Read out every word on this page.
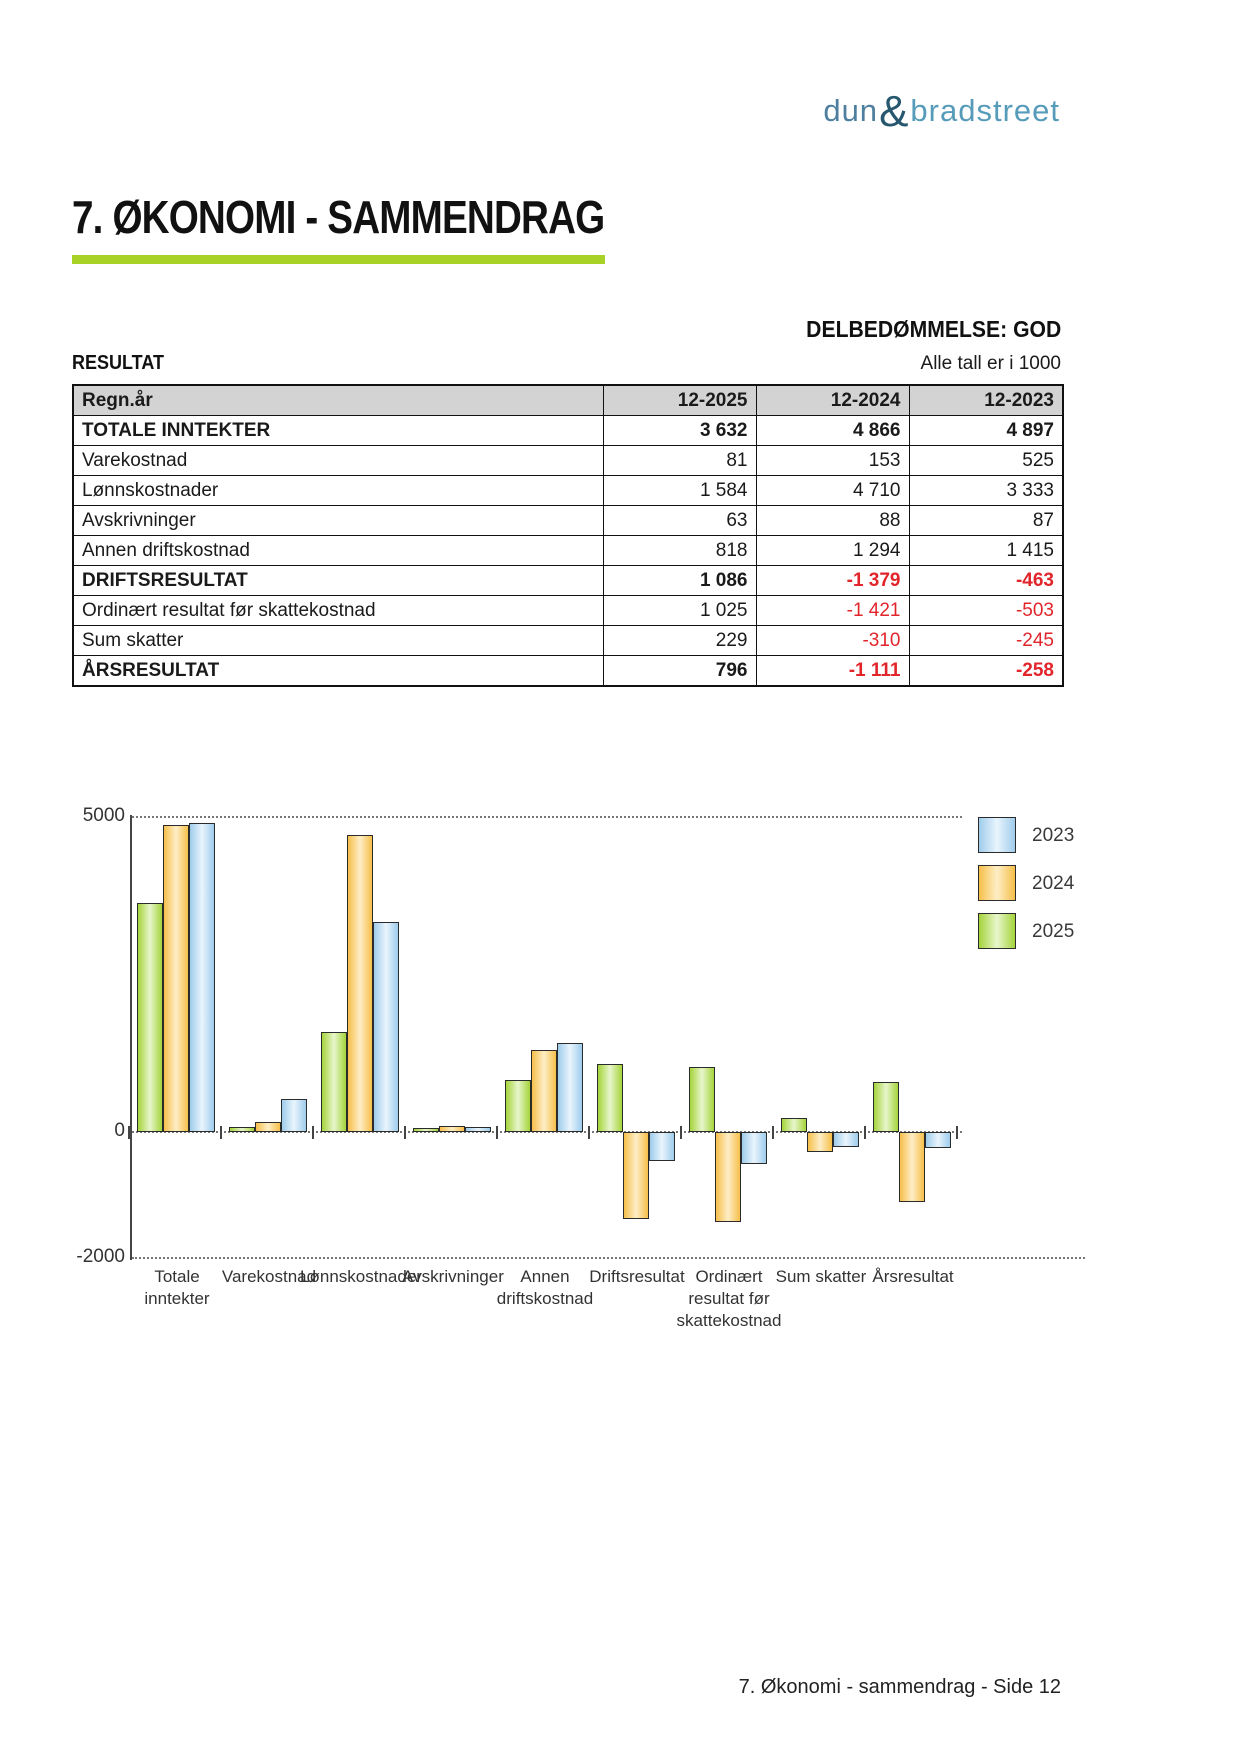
dun&bradstreet
7. ØKONOMI - SAMMENDRAG
DELBEDØMMELSE: GOD
RESULTAT	Alle tall er i 1000
Regn.år	12-2025	12-2024	12-2023
TOTALE INNTEKTER	3 632	4 866	4 897
Varekostnad	81	153	525
Lønnskostnader	1 584	4 710	3 333
Avskrivninger	63	88	87
Annen driftskostnad	818	1 294	1 415
DRIFTSRESULTAT	1 086	-1 379	-463
Ordinært resultat før skattekostnad	1 025	-1 421	-503
Sum skatter	229	-310	-245
ÅRSRESULTAT	796	-1 111	-258
5000
0
-2000
Totale
inntekter
Varekostnad
Lønnskostnader
Avskrivninger Annen
driftskostnad
Driftsresultat Ordinært
resultat før
skattekostnad
Sum skatter Årsresultat
2023
2024
2025
7. Økonomi - sammendrag - Side 12
